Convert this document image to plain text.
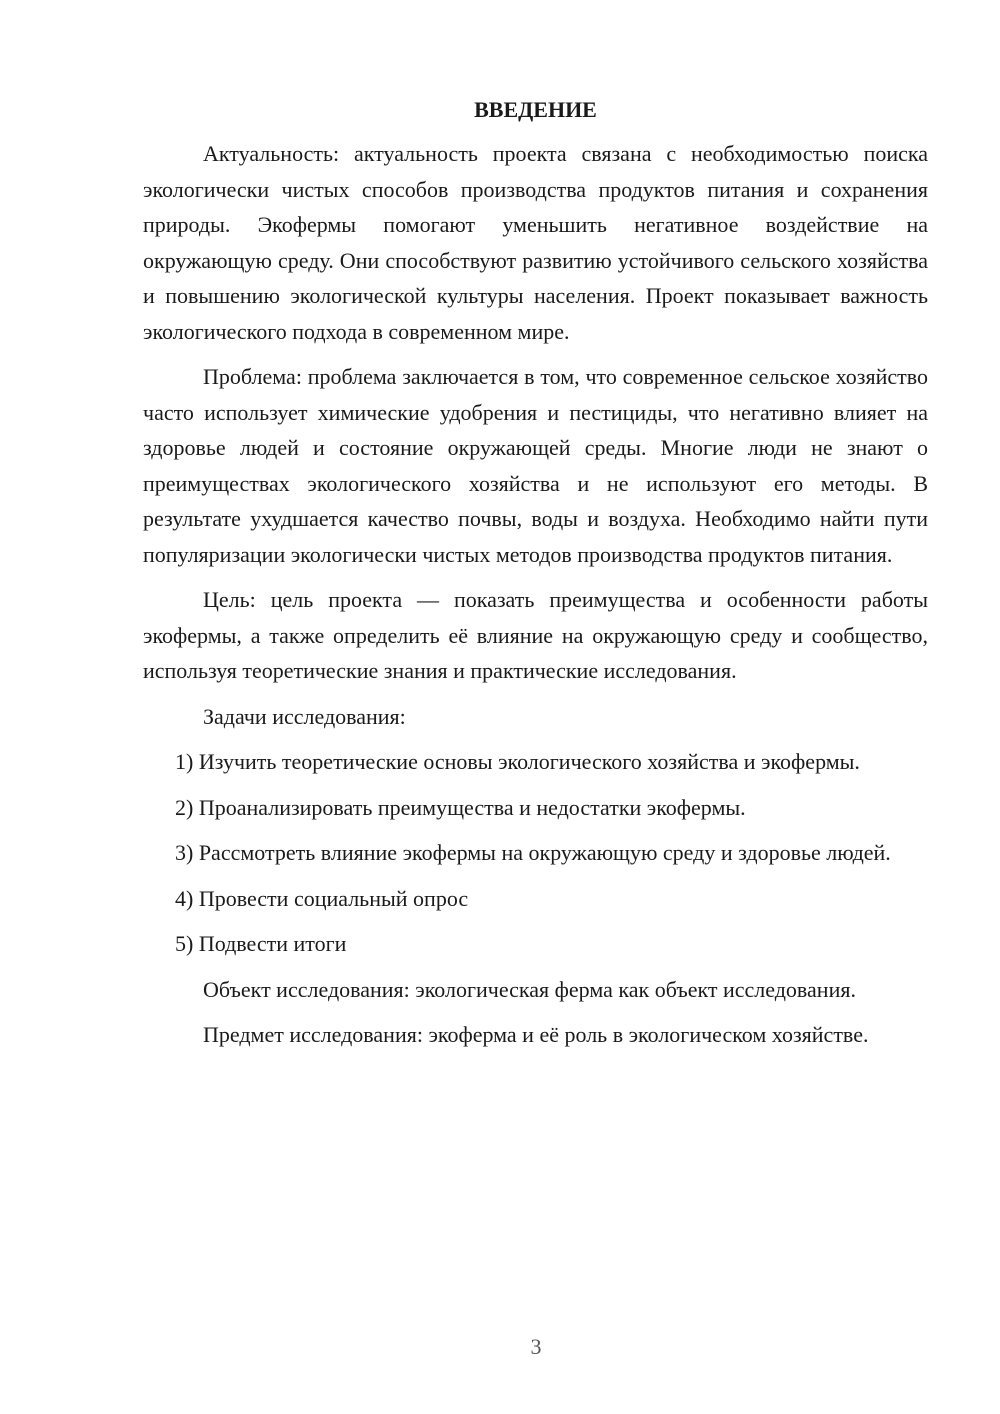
ВВЕДЕНИЕ

Актуальность: актуальность проекта связана с необходимостью поиска экологически чистых способов производства продуктов питания и сохранения природы. Экофермы помогают уменьшить негативное воздействие на окружающую среду. Они способствуют развитию устойчивого сельского хозяйства и повышению экологической культуры населения. Проект показывает важность экологического подхода в современном мире.

Проблема: проблема заключается в том, что современное сельское хозяйство часто использует химические удобрения и пестициды, что негативно влияет на здоровье людей и состояние окружающей среды. Многие люди не знают о преимуществах экологического хозяйства и не используют его методы. В результате ухудшается качество почвы, воды и воздуха. Необходимо найти пути популяризации экологически чистых методов производства продуктов питания.

Цель: цель проекта — показать преимущества и особенности работы экофермы, а также определить её влияние на окружающую среду и сообщество, используя теоретические знания и практические исследования.

Задачи исследования:

1) Изучить теоретические основы экологического хозяйства и экофермы.

2) Проанализировать преимущества и недостатки экофермы.

3) Рассмотреть влияние экофермы на окружающую среду и здоровье людей.

4) Провести социальный опрос

5) Подвести итоги

Объект исследования: экологическая ферма как объект исследования.

Предмет исследования: экоферма и её роль в экологическом хозяйстве.

3
